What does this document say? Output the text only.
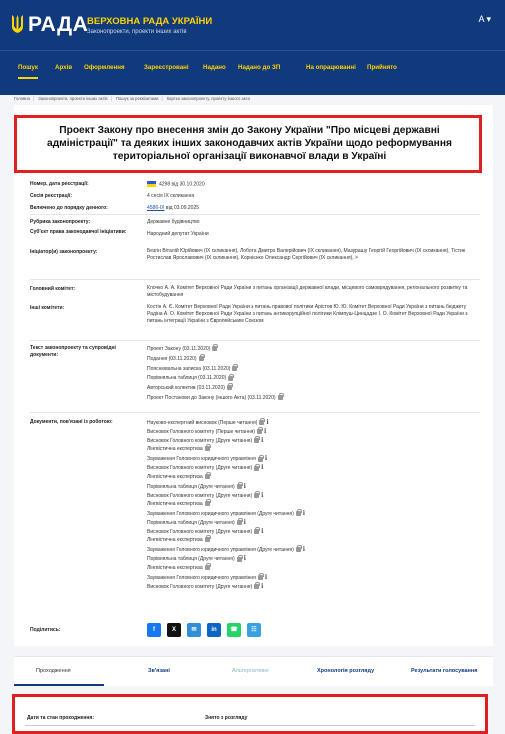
РАДА
ВЕРХОВНА РАДА УКРАЇНИ
Законопроекти, проекти інших актів
A ▾
Пошук	Архів Оформлення	Зареєстровані Надано Надано до ЗП	На опрацюванні Прийнято
Головна | Законопроекти, проекти інших актів | Пошук за реквізитами | Картка законопроекту, проекту іншого акта
Проект Закону про внесення змін до Закону України "Про місцеві державні адміністрації" та деяких інших законодавчих актів України щодо реформування територіальної організації виконавчої влади в Україні
Номер, дата реєстрації:	4298 від 30.10.2020
Сесія реєстрації:	4 сесія IX скликання
Включено до порядку денного:	4586-IX від 03.09.2025
Рубрика законопроекту:	Державне будівництво
Суб'єкт права законодавчої ініціативи:	Народний депутат України
Ініціатор(и) законопроекту:	Безгін Віталій Юрійович (IX скликання), Лобота Дмитро Валерійович (IX скликання), Мазурашу Георгій Георгійович (IX скликання), Тістик Ростислав Ярославович (IX скликання), Корнієнко Олександр Сергійович (IX скликання), >
Головний комітет:	Клочко А. А. Комітет Верховної Ради України з питань організації державної влади, місцевого самоврядування, регіонального розвитку та містобудування
Інші комітети:	Костін А. Є. Комітет Верховної Ради України з питань правової політики Арістов Ю. Ю. Комітет Верховної Ради України з питань бюджету Радіна А. О. Комітет Верховної Ради України з питань антикорупційної політики Клімпуш-Цинцадзе І. О. Комітет Верховної Ради України з питань інтеграції України з Європейським Союзом
Текст законопроекту та супровідні документи:
Проект Закону (03.11.2020)
Подання (03.11.2020)
Пояснювальна записка (03.11.2020)
Порівняльна таблиця (03.11.2020)
Авторський колектив (03.11.2020)
Проект Постанови до Закону (іншого Акта) (03.11.2020)
Документи, пов'язані із роботою:	Науково-експертний висновок (Перше читання) i
Висновок Головного комітету (Перше читання) i
Висновок Головного комітету (Друге читання) i
Лінгвістична експертиза
Зауваження Головного юридичного управління i
Висновок Головного комітету (Друге читання) i
Лінгвістична експертиза
Порівняльна таблиця (Друге читання) i
Висновок Головного комітету (Друге читання) i
Лінгвістична експертиза
Зауваження Головного юридичного управління (Друге читання) i
Порівняльна таблиця (Друге читання) i
Висновок Головного комітету (Друге читання) i
Лінгвістична експертиза
Зауваження Головного юридичного управління (Друге читання) i
Порівняльна таблиця (Друге читання) i
Лінгвістична експертиза
Зауваження Головного юридичного управління i
Висновок Головного комітету (Друге читання) i
Поділитись:	f	X	✉	in	☎	☷
Проходження	Зв'язані	Альтернативні	Хронологія розгляду	Результати голосування
Дати та стан проходження:	Знято з розгляду
